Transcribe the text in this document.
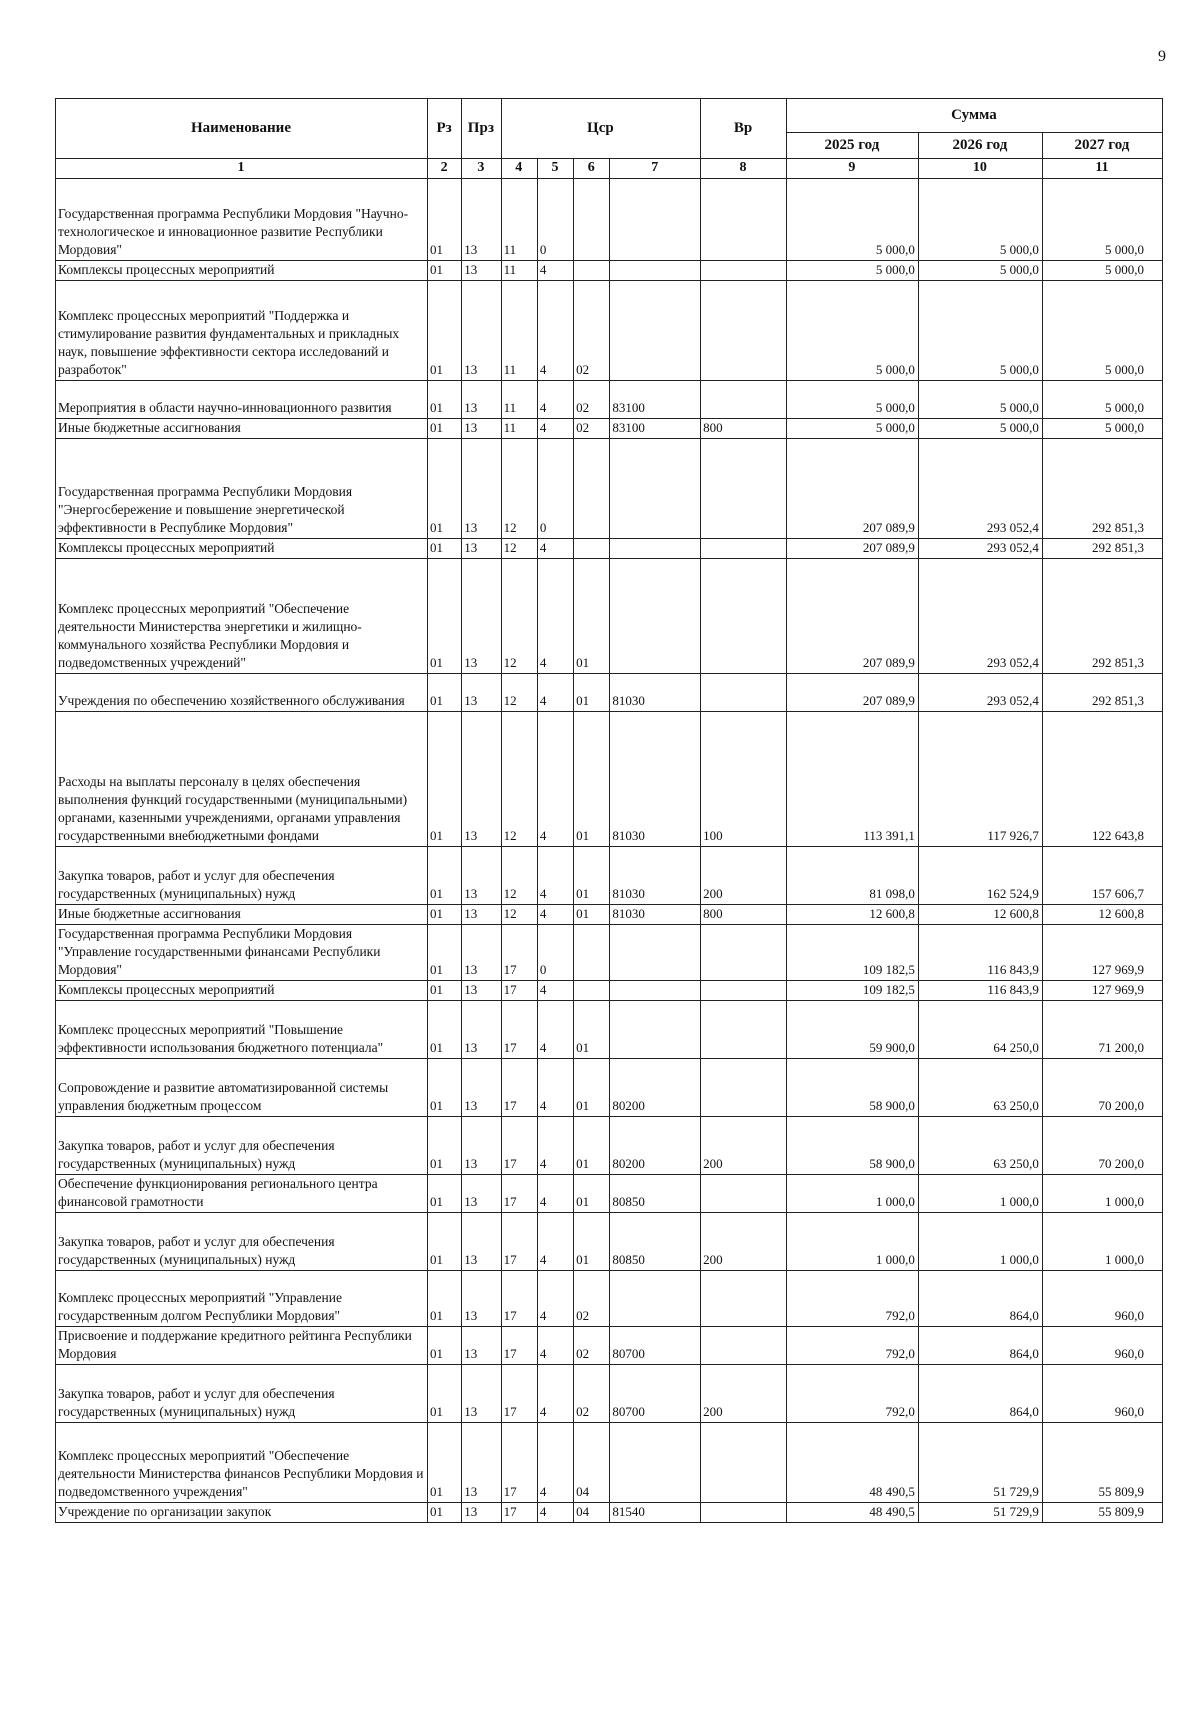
9
Наименование	Рз	Прз	Цср				Вр	Сумма		
								2025 год	2026 год	2027 год
1	2	3	4	5	6	7	8	9	10	11
Государственная программа Республики Мордовия "Научно-технологическое и инновационное развитие Республики Мордовия"	01	13	11	0				5 000,0	5 000,0	5 000,0
Комплексы процессных мероприятий	01	13	11	4				5 000,0	5 000,0	5 000,0
Комплекс процессных мероприятий "Поддержка и стимулирование развития фундаментальных и прикладных наук, повышение эффективности сектора исследований и разработок"	01	13	11	4	02			5 000,0	5 000,0	5 000,0
Мероприятия в области научно-инновационного развития	01	13	11	4	02	83100		5 000,0	5 000,0	5 000,0
Иные бюджетные ассигнования	01	13	11	4	02	83100	800	5 000,0	5 000,0	5 000,0
Государственная программа Республики Мордовия "Энергосбережение и повышение энергетической эффективности в Республике Мордовия"	01	13	12	0				207 089,9	293 052,4	292 851,3
Комплексы процессных мероприятий	01	13	12	4				207 089,9	293 052,4	292 851,3
Комплекс процессных мероприятий "Обеспечение деятельности Министерства энергетики и жилищно-коммунального хозяйства Республики Мордовия и подведомственных учреждений"	01	13	12	4	01			207 089,9	293 052,4	292 851,3
Учреждения по обеспечению хозяйственного обслуживания	01	13	12	4	01	81030		207 089,9	293 052,4	292 851,3
Расходы на выплаты персоналу в целях обеспечения выполнения функций государственными (муниципальными) органами, казенными учреждениями, органами управления государственными внебюджетными фондами	01	13	12	4	01	81030	100	113 391,1	117 926,7	122 643,8
Закупка товаров, работ и услуг для обеспечения государственных (муниципальных) нужд	01	13	12	4	01	81030	200	81 098,0	162 524,9	157 606,7
Иные бюджетные ассигнования	01	13	12	4	01	81030	800	12 600,8	12 600,8	12 600,8
Государственная программа Республики Мордовия "Управление государственными финансами Республики Мордовия"	01	13	17	0				109 182,5	116 843,9	127 969,9
Комплексы процессных мероприятий	01	13	17	4				109 182,5	116 843,9	127 969,9
Комплекс процессных мероприятий "Повышение эффективности использования бюджетного потенциала"	01	13	17	4	01			59 900,0	64 250,0	71 200,0
Сопровождение и развитие автоматизированной системы управления бюджетным процессом	01	13	17	4	01	80200		58 900,0	63 250,0	70 200,0
Закупка товаров, работ и услуг для обеспечения государственных (муниципальных) нужд	01	13	17	4	01	80200	200	58 900,0	63 250,0	70 200,0
Обеспечение функционирования регионального центра финансовой грамотности	01	13	17	4	01	80850		1 000,0	1 000,0	1 000,0
Закупка товаров, работ и услуг для обеспечения государственных (муниципальных) нужд	01	13	17	4	01	80850	200	1 000,0	1 000,0	1 000,0
Комплекс процессных мероприятий "Управление государственным долгом Республики Мордовия"	01	13	17	4	02			792,0	864,0	960,0
Присвоение и поддержание кредитного рейтинга Республики Мордовия	01	13	17	4	02	80700		792,0	864,0	960,0
Закупка товаров, работ и услуг для обеспечения государственных (муниципальных) нужд	01	13	17	4	02	80700	200	792,0	864,0	960,0
Комплекс процессных мероприятий "Обеспечение деятельности Министерства финансов Республики Мордовия и подведомственного учреждения"	01	13	17	4	04			48 490,5	51 729,9	55 809,9
Учреждение по организации закупок	01	13	17	4	04	81540		48 490,5	51 729,9	55 809,9
